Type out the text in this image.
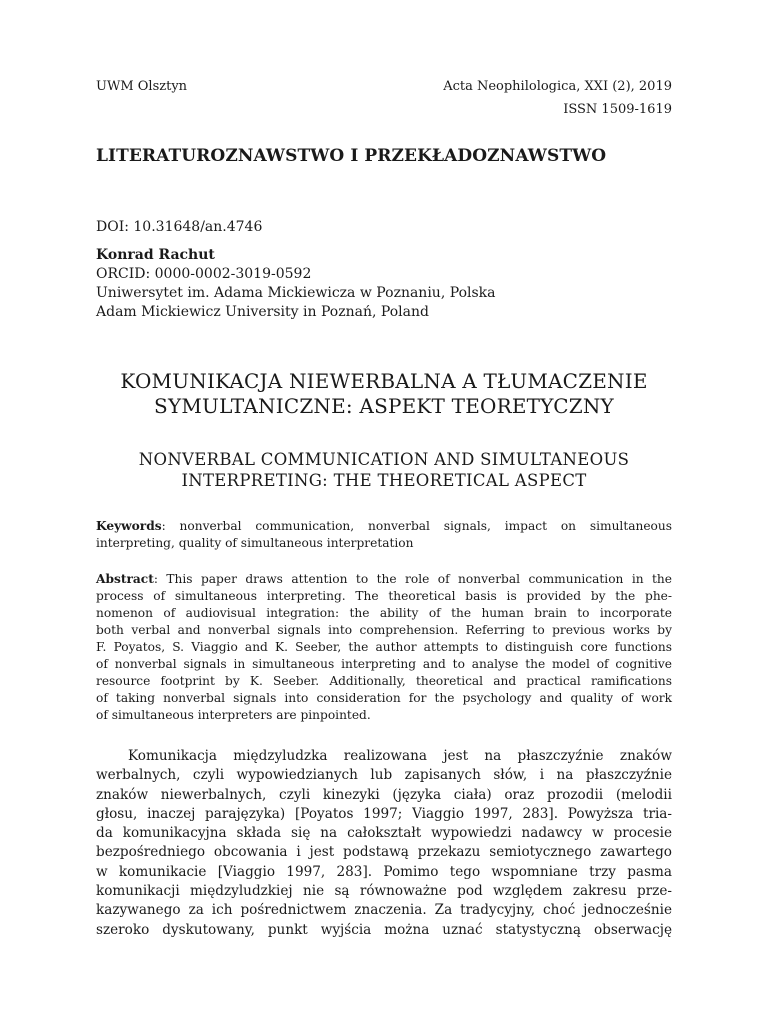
UWM Olsztyn	Acta Neophilologica, XXI (2), 2019
ISSN 1509-1619
LITERATUROZNAWSTWO I PRZEKŁADOZNAWSTWO
DOI: 10.31648/an.4746
Konrad Rachut
ORCID: 0000-0002-3019-0592
Uniwersytet im. Adama Mickiewicza w Poznaniu, Polska
Adam Mickiewicz University in Poznań, Poland
KOMUNIKACJA NIEWERBALNA A TŁUMACZENIE
SYMULTANICZNE: ASPEKT TEORETYCZNY
NONVERBAL COMMUNICATION AND SIMULTANEOUS
INTERPRETING: THE THEORETICAL ASPECT
Keywords: nonverbal communication, nonverbal signals, impact on simultaneous
interpreting, quality of simultaneous interpretation
Abstract: This paper draws attention to the role of nonverbal communication in the
process of simultaneous interpreting. The theoretical basis is provided by the phe-
nomenon of audiovisual integration: the ability of the human brain to incorporate
both verbal and nonverbal signals into comprehension. Referring to previous works by
F. Poyatos, S. Viaggio and K. Seeber, the author attempts to distinguish core functions
of nonverbal signals in simultaneous interpreting and to analyse the model of cognitive
resource footprint by K. Seeber. Additionally, theoretical and practical ramifications
of taking nonverbal signals into consideration for the psychology and quality of work
of simultaneous interpreters are pinpointed.
Komunikacja międzyludzka realizowana jest na płaszczyźnie znaków
werbalnych, czyli wypowiedzianych lub zapisanych słów, i na płaszczyźnie
znaków niewerbalnych, czyli kinezyki (języka ciała) oraz prozodii (melodii
głosu, inaczej parajęzyka) [Poyatos 1997; Viaggio 1997, 283]. Powyższa tria-
da komunikacyjna składa się na całokształt wypowiedzi nadawcy w procesie
bezpośredniego obcowania i jest podstawą przekazu semiotycznego zawartego
w komunikacie [Viaggio 1997, 283]. Pomimo tego wspomniane trzy pasma
komunikacji międzyludzkiej nie są równoważne pod względem zakresu prze-
kazywanego za ich pośrednictwem znaczenia. Za tradycyjny, choć jednocześnie
szeroko dyskutowany, punkt wyjścia można uznać statystyczną obserwację
